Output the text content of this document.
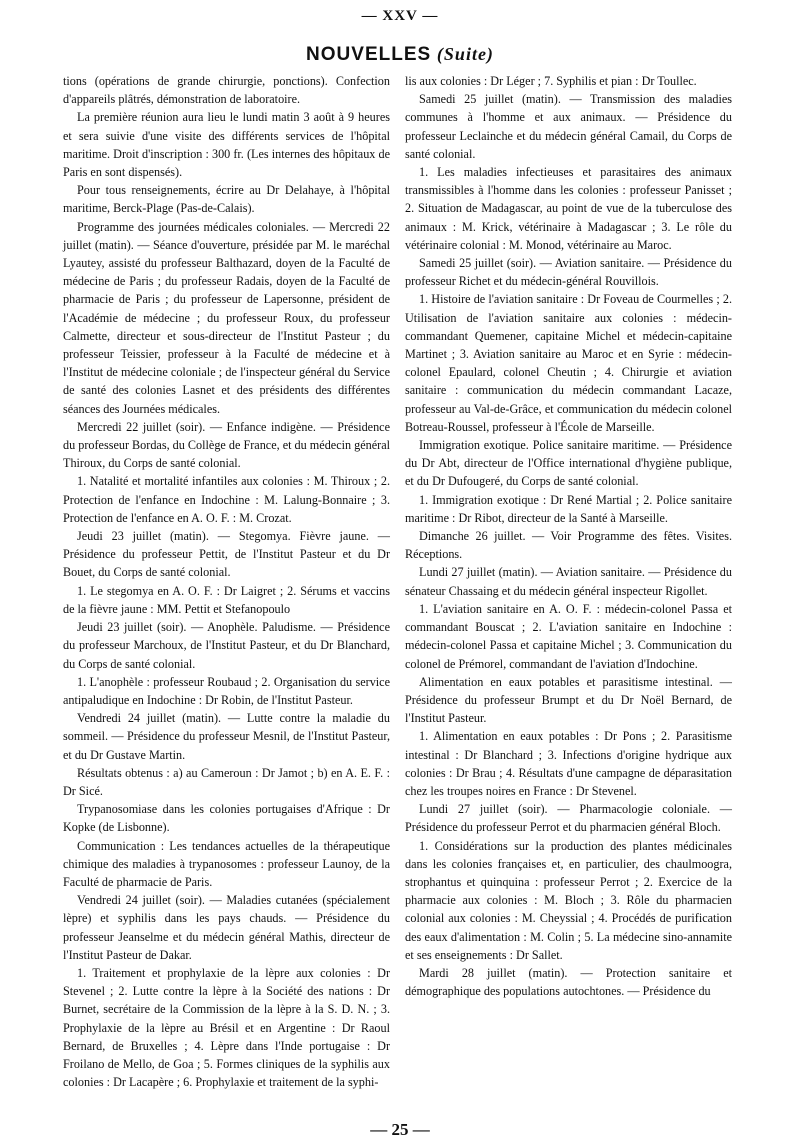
— XXV —
NOUVELLES (Suite)

tions (opérations de grande chirurgie, ponctions). Confection d'appareils plâtrés, démonstration de laboratoire.

La première réunion aura lieu le lundi matin 3 août à 9 heures et sera suivie d'une visite des différents services de l'hôpital maritime. Droit d'inscription : 300 fr. (Les internes des hôpitaux de Paris en sont dispensés).

Pour tous renseignements, écrire au Dr Delahaye, à l'hôpital maritime, Berck-Plage (Pas-de-Calais).

Programme des journées médicales coloniales. — Mercredi 22 juillet (matin). — Séance d'ouverture, présidée par M. le maréchal Lyautey, assisté du professeur Balthazard, doyen de la Faculté de médecine de Paris ; du professeur Radais, doyen de la Faculté de pharmacie de Paris ; du professeur de Lapersonne, président de l'Académie de médecine ; du professeur Roux, du professeur Calmette, directeur et sous-directeur de l'Institut Pasteur ; du professeur Teissier, professeur à la Faculté de médecine et à l'Institut de médecine coloniale ; de l'inspecteur général du Service de santé des colonies Lasnet et des présidents des différentes séances des Journées médicales.

Mercredi 22 juillet (soir). — Enfance indigène. — Présidence du professeur Bordas, du Collège de France, et du médecin général Thiroux, du Corps de santé colonial.

1. Natalité et mortalité infantiles aux colonies : M. Thiroux ; 2. Protection de l'enfance en Indochine : M. Lalung-Bonnaire ; 3. Protection de l'enfance en A. O. F. : M. Crozat.

Jeudi 23 juillet (matin). — Stegomya. Fièvre jaune. — Présidence du professeur Pettit, de l'Institut Pasteur et du Dr Bouet, du Corps de santé colonial.

1. Le stegomya en A. O. F. : Dr Laigret ; 2. Sérums et vaccins de la fièvre jaune : MM. Pettit et Stefanopoulo

Jeudi 23 juillet (soir). — Anophèle. Paludisme. — Présidence du professeur Marchoux, de l'Institut Pasteur, et du Dr Blanchard, du Corps de santé colonial.

1. L'anophèle : professeur Roubaud ; 2. Organisation du service antipaludique en Indochine : Dr Robin, de l'Institut Pasteur.

Vendredi 24 juillet (matin). — Lutte contre la maladie du sommeil. — Présidence du professeur Mesnil, de l'Institut Pasteur, et du Dr Gustave Martin.

Résultats obtenus : a) au Cameroun : Dr Jamot ; b) en A. E. F. : Dr Sicé.

Trypanosomiase dans les colonies portugaises d'Afrique : Dr Kopke (de Lisbonne).

Communication : Les tendances actuelles de la thérapeutique chimique des maladies à trypanosomes : professeur Launoy, de la Faculté de pharmacie de Paris.

Vendredi 24 juillet (soir). — Maladies cutanées (spécialement lèpre) et syphilis dans les pays chauds. — Présidence du professeur Jeanselme et du médecin général Mathis, directeur de l'Institut Pasteur de Dakar.

1. Traitement et prophylaxie de la lèpre aux colonies : Dr Stevenel ; 2. Lutte contre la lèpre à la Société des nations : Dr Burnet, secrétaire de la Commission de la lèpre à la S. D. N. ; 3. Prophylaxie de la lèpre au Brésil et en Argentine : Dr Raoul Bernard, de Bruxelles ; 4. Lèpre dans l'Inde portugaise : Dr Froilano de Mello, de Goa ; 5. Formes cliniques de la syphilis aux colonies : Dr Lacapère ; 6. Prophylaxie et traitement de la syphi-

lis aux colonies : Dr Léger ; 7. Syphilis et pian : Dr Toullec.

Samedi 25 juillet (matin). — Transmission des maladies communes à l'homme et aux animaux. — Présidence du professeur Leclainche et du médecin général Camail, du Corps de santé colonial.

1. Les maladies infectieuses et parasitaires des animaux transmissibles à l'homme dans les colonies : professeur Panisset ; 2. Situation de Madagascar, au point de vue de la tuberculose des animaux : M. Krick, vétérinaire à Madagascar ; 3. Le rôle du vétérinaire colonial : M. Monod, vétérinaire au Maroc.

Samedi 25 juillet (soir). — Aviation sanitaire. — Présidence du professeur Richet et du médecin-général Rouvillois.

1. Histoire de l'aviation sanitaire : Dr Foveau de Courmelles ; 2. Utilisation de l'aviation sanitaire aux colonies : médecin-commandant Quemener, capitaine Michel et médecin-capitaine Martinet ; 3. Aviation sanitaire au Maroc et en Syrie : médecin-colonel Epaulard, colonel Cheutin ; 4. Chirurgie et aviation sanitaire : communication du médecin commandant Lacaze, professeur au Val-de-Grâce, et communication du médecin colonel Botreau-Roussel, professeur à l'École de Marseille.

Immigration exotique. Police sanitaire maritime. — Présidence du Dr Abt, directeur de l'Office international d'hygiène publique, et du Dr Dufougeré, du Corps de santé colonial.

1. Immigration exotique : Dr René Martial ; 2. Police sanitaire maritime : Dr Ribot, directeur de la Santé à Marseille.

Dimanche 26 juillet. — Voir Programme des fêtes. Visites. Réceptions.

Lundi 27 juillet (matin). — Aviation sanitaire. — Présidence du sénateur Chassaing et du médecin général inspecteur Rigollet.

1. L'aviation sanitaire en A. O. F. : médecin-colonel Passa et commandant Bouscat ; 2. L'aviation sanitaire en Indochine : médecin-colonel Passa et capitaine Michel ; 3. Communication du colonel de Prémorel, commandant de l'aviation d'Indochine.

Alimentation en eaux potables et parasitisme intestinal. — Présidence du professeur Brumpt et du Dr Noël Bernard, de l'Institut Pasteur.

1. Alimentation en eaux potables : Dr Pons ; 2. Parasitisme intestinal : Dr Blanchard ; 3. Infections d'origine hydrique aux colonies : Dr Brau ; 4. Résultats d'une campagne de déparasitation chez les troupes noires en France : Dr Stevenel.

Lundi 27 juillet (soir). — Pharmacologie coloniale. — Présidence du professeur Perrot et du pharmacien général Bloch.

1. Considérations sur la production des plantes médicinales dans les colonies françaises et, en particulier, des chaulmoogra, strophantus et quinquina : professeur Perrot ; 2. Exercice de la pharmacie aux colonies : M. Bloch ; 3. Rôle du pharmacien colonial aux colonies : M. Cheyssial ; 4. Procédés de purification des eaux d'alimentation : M. Colin ; 5. La médecine sino-annamite et ses enseignements : Dr Sallet.

Mardi 28 juillet (matin). — Protection sanitaire et démographique des populations autochtones. — Présidence du

— 25 —
